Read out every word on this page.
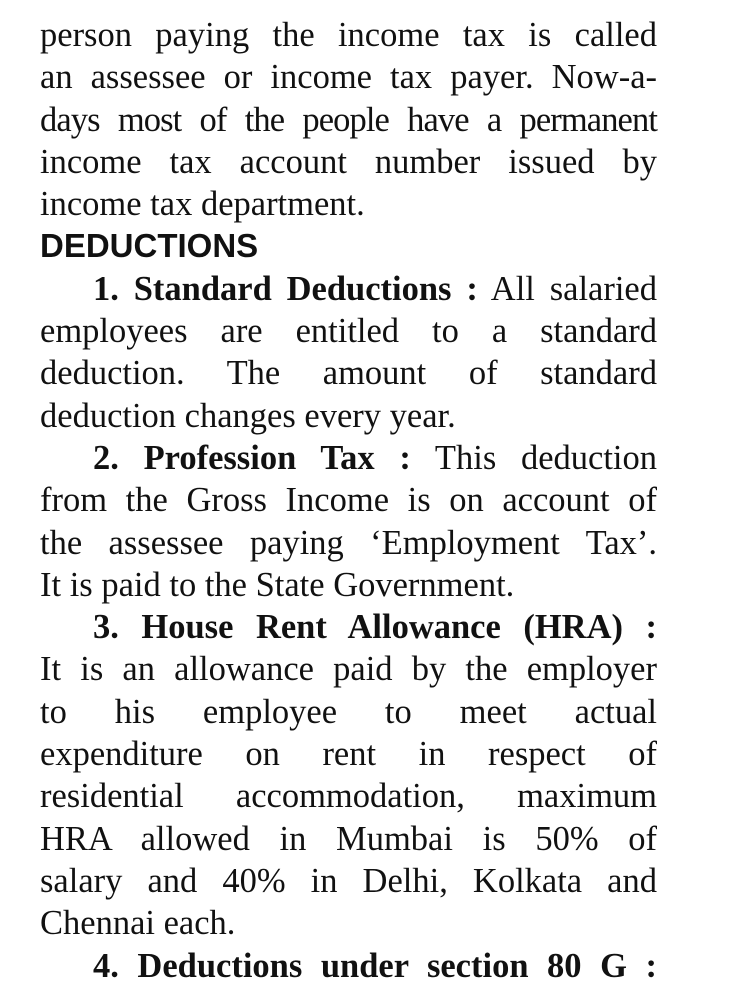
person paying the income tax is called
an assessee or income tax payer. Now-a-
days most of the people have a permanent
income tax account number issued by
income tax department.
DEDUCTIONS
1. Standard Deductions : All salaried
employees are entitled to a standard
deduction. The amount of standard
deduction changes every year.
2. Profession Tax : This deduction
from the Gross Income is on account of
the assessee paying ‘Employment Tax’.
It is paid to the State Government.
3. House Rent Allowance (HRA) :
It is an allowance paid by the employer
to his employee to meet actual
expenditure on rent in respect of
residential accommodation, maximum
HRA allowed in Mumbai is 50% of
salary and 40% in Delhi, Kolkata and
Chennai each.
4. Deductions under section 80 G :
